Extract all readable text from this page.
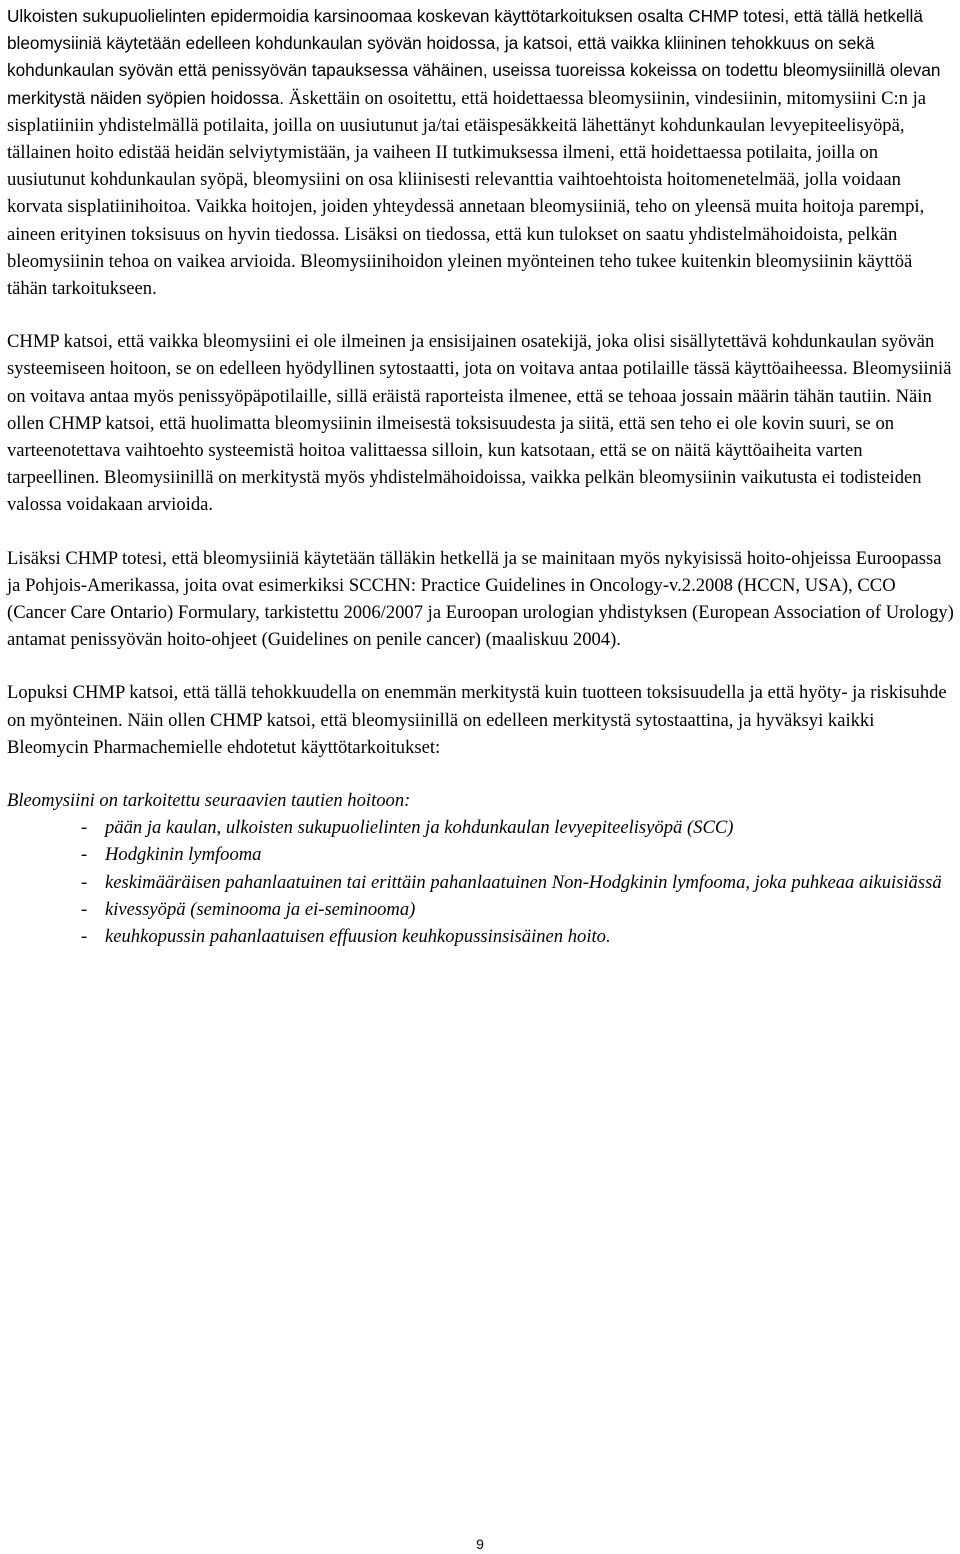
Ulkoisten sukupuolielinten epidermoidia karsinoomaa koskevan käyttötarkoituksen osalta CHMP totesi, että tällä hetkellä bleomysiiniä käytetään edelleen kohdunkaulan syövän hoidossa, ja katsoi, että vaikka kliininen tehokkuus on sekä kohdunkaulan syövän että penissyövän tapauksessa vähäinen, useissa tuoreissa kokeissa on todettu bleomysiinillä olevan merkitystä näiden syöpien hoidossa. Äskettäin on osoitettu, että hoidettaessa bleomysiinin, vindesiinin, mitomysiini C:n ja sisplatiiniin yhdistelmällä potilaita, joilla on uusiutunut ja/tai etäispesäkkeitä lähettänyt kohdunkaulan levyepiteelisyöpä, tällainen hoito edistää heidän selviytymistään, ja vaiheen II tutkimuksessa ilmeni, että hoidettaessa potilaita, joilla on uusiutunut kohdunkaulan syöpä, bleomysiini on osa kliinisesti relevanttia vaihtoehtoista hoitomenetelmää, jolla voidaan korvata sisplatiinihoitoa. Vaikka hoitojen, joiden yhteydessä annetaan bleomysiiniä, teho on yleensä muita hoitoja parempi, aineen erityinen toksisuus on hyvin tiedossa. Lisäksi on tiedossa, että kun tulokset on saatu yhdistelmähoidoista, pelkän bleomysiinin tehoa on vaikea arvioida. Bleomysiinihoidon yleinen myönteinen teho tukee kuitenkin bleomysiinin käyttöä tähän tarkoitukseen.

CHMP katsoi, että vaikka bleomysiini ei ole ilmeinen ja ensisijainen osatekijä, joka olisi sisällytettävä kohdunkaulan syövän systeemiseen hoitoon, se on edelleen hyödyllinen sytostaatti, jota on voitava antaa potilaille tässä käyttöaiheessa. Bleomysiiniä on voitava antaa myös penissyöpäpotilaille, sillä eräistä raporteista ilmenee, että se tehoaa jossain määrin tähän tautiin. Näin ollen CHMP katsoi, että huolimatta bleomysiinin ilmeisestä toksisuudesta ja siitä, että sen teho ei ole kovin suuri, se on varteenotettava vaihtoehto systeemistä hoitoa valittaessa silloin, kun katsotaan, että se on näitä käyttöaiheita varten tarpeellinen. Bleomysiinillä on merkitystä myös yhdistelmähoidoissa, vaikka pelkän bleomysiinin vaikutusta ei todisteiden valossa voidakaan arvioida.

Lisäksi CHMP totesi, että bleomysiiniä käytetään tälläkin hetkellä ja se mainitaan myös nykyisissä hoito-ohjeissa Euroopassa ja Pohjois-Amerikassa, joita ovat esimerkiksi SCCHN: Practice Guidelines in Oncology-v.2.2008 (HCCN, USA), CCO (Cancer Care Ontario) Formulary, tarkistettu 2006/2007 ja Euroopan urologian yhdistyksen (European Association of Urology) antamat penissyövän hoito-ohjeet (Guidelines on penile cancer) (maaliskuu 2004).

Lopuksi CHMP katsoi, että tällä tehokkuudella on enemmän merkitystä kuin tuotteen toksisuudella ja että hyöty- ja riskisuhde on myönteinen. Näin ollen CHMP katsoi, että bleomysiinillä on edelleen merkitystä sytostaattina, ja hyväksyi kaikki Bleomycin Pharmachemielle ehdotetut käyttötarkoitukset:

Bleomysiini on tarkoitettu seuraavien tautien hoitoon:

- pään ja kaulan, ulkoisten sukupuolielinten ja kohdunkaulan levyepiteelisyöpä (SCC)
- Hodgkinin lymfooma
- keskimääräisen pahanlaatuinen tai erittäin pahanlaatuinen Non-Hodgkinin lymfooma, joka puhkeaa aikuisiässä
- kivessyöpä (seminooma ja ei-seminooma)
- keuhkopussin pahanlaatuisen effuusion keuhkopussinsisäinen hoito.
9
